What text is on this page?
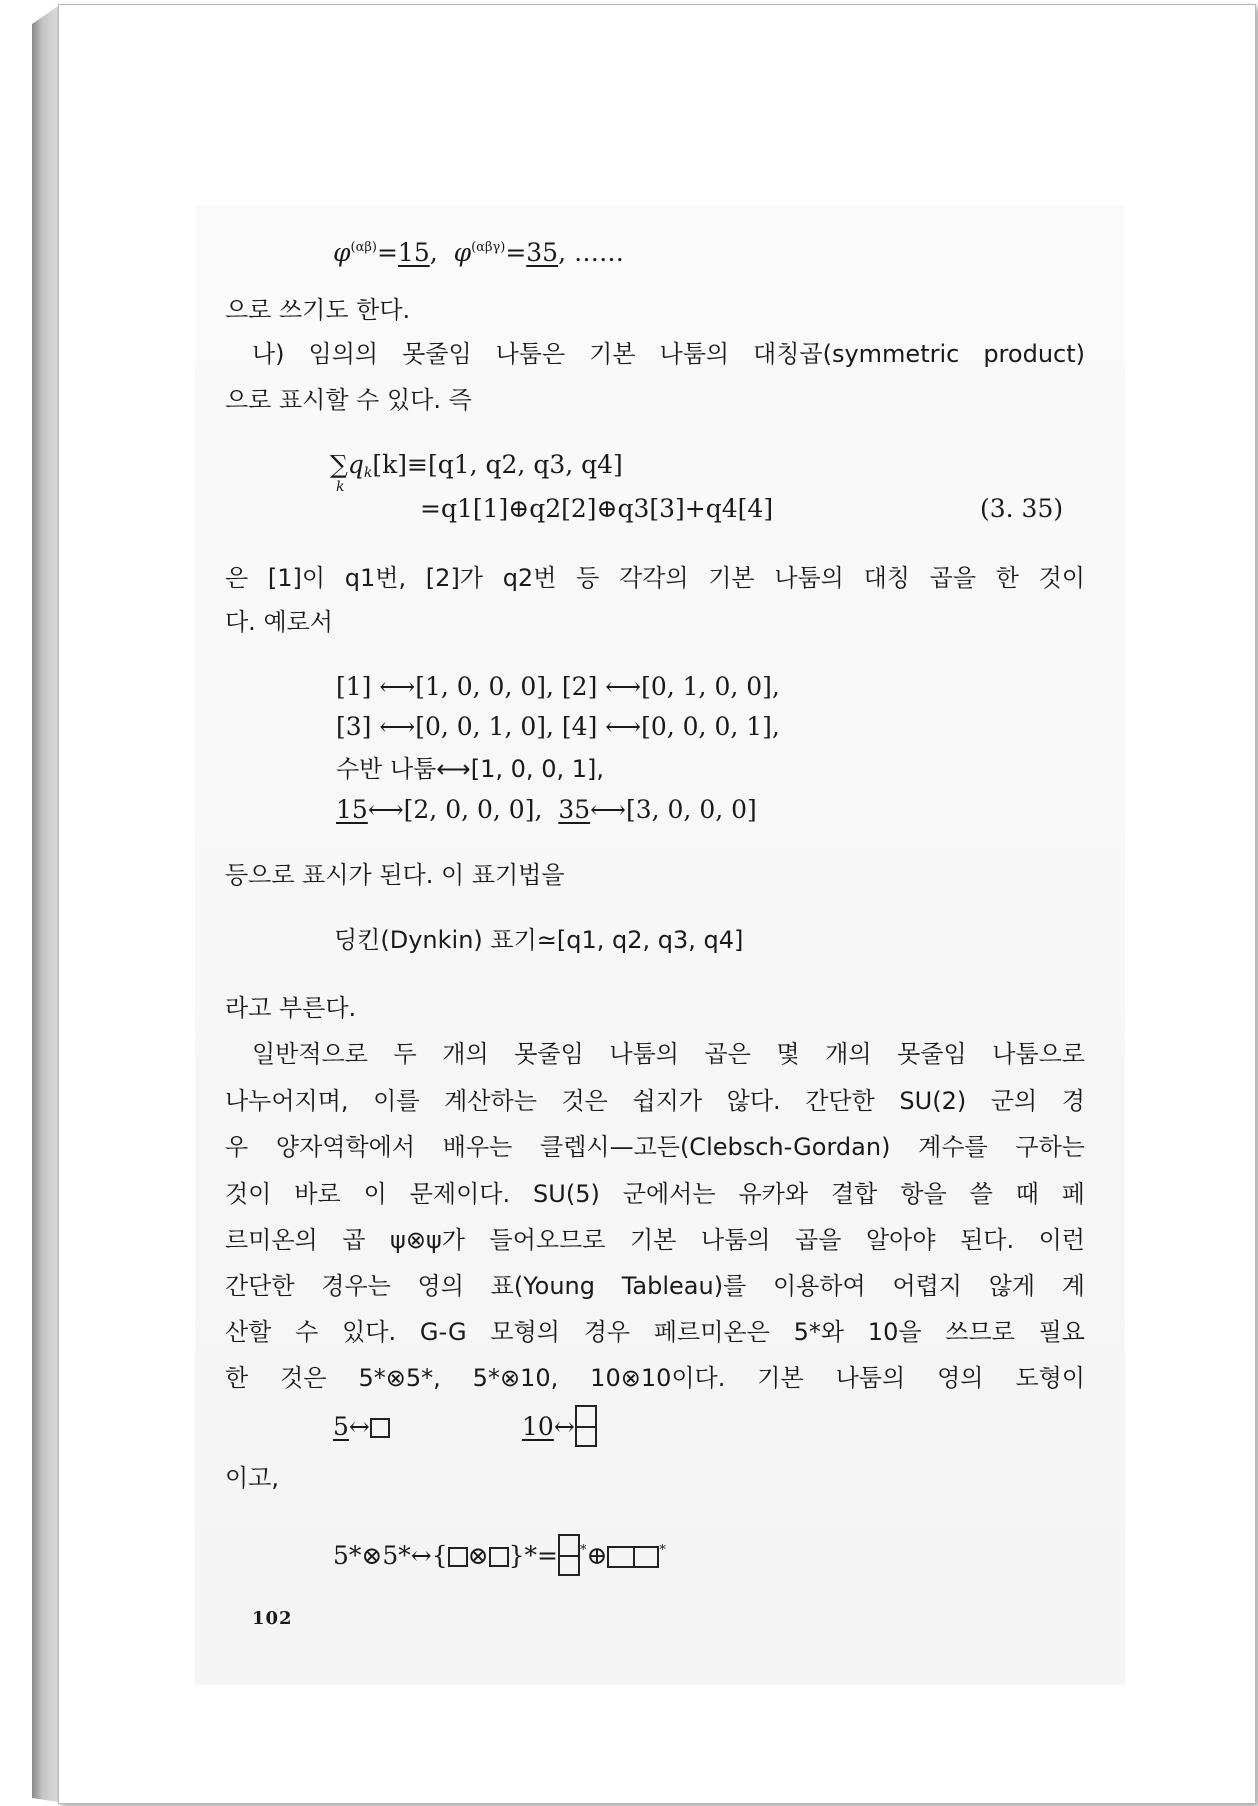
$\varphi^{(\alpha\beta)}=15$,  $\varphi^{(\alpha\beta\gamma)}=35$, ……
으로 쓰기도 한다.
나) 임의의 못줄임 나툼은 기본 나툼의 대칭곱(symmetric product)
으로 표시할 수 있다. 즉
∑
k
$q_k[k]\equiv[q1$, q2, q3, q4]
=q1[1]⊕q2[2]⊕q3[3]+q4[4]	(3. 35)
은 [1]이 q1번, [2]가 q2번 등 각각의 기본 나툼의 대칭 곱을 한 것이
다. 예로서
[1] ⟷[1, 0, 0, 0], [2] ⟷[0, 1, 0, 0],
[3] ⟷[0, 0, 1, 0], [4] ⟷[0, 0, 0, 1],
수반 나툼⟷[1, 0, 0, 1],
15⟷[2, 0, 0, 0],  35⟷[3, 0, 0, 0]
등으로 표시가 된다. 이 표기법을
딩킨(Dynkin) 표기≃[q1, q2, q3, q4]
라고 부른다.
일반적으로 두 개의 못줄임 나툼의 곱은 몇 개의 못줄임 나툼으로
나누어지며, 이를 계산하는 것은 쉽지가 않다. 간단한 SU(2) 군의 경
우 양자역학에서 배우는 클렙시—고든(Clebsch-Gordan) 계수를 구하는
것이 바로 이 문제이다. SU(5) 군에서는 유카와 결합 항을 쓸 때 페
르미온의 곱 ψ⊗ψ가 들어오므로 기본 나툼의 곱을 알아야 된다. 이런
간단한 경우는 영의 표(Young Tableau)를 이용하여 어렵지 않게 계
산할 수 있다. G-G 모형의 경우 페르미온은 5*와 10을 쓰므로 필요
한 것은 5*⊗5*, 5*⊗10, 10⊗10이다. 기본 나툼의 영의 도형이
5↔	10↔
이고,
5*⊗5*↔{ ⊗ }*= *⊕	*
102
